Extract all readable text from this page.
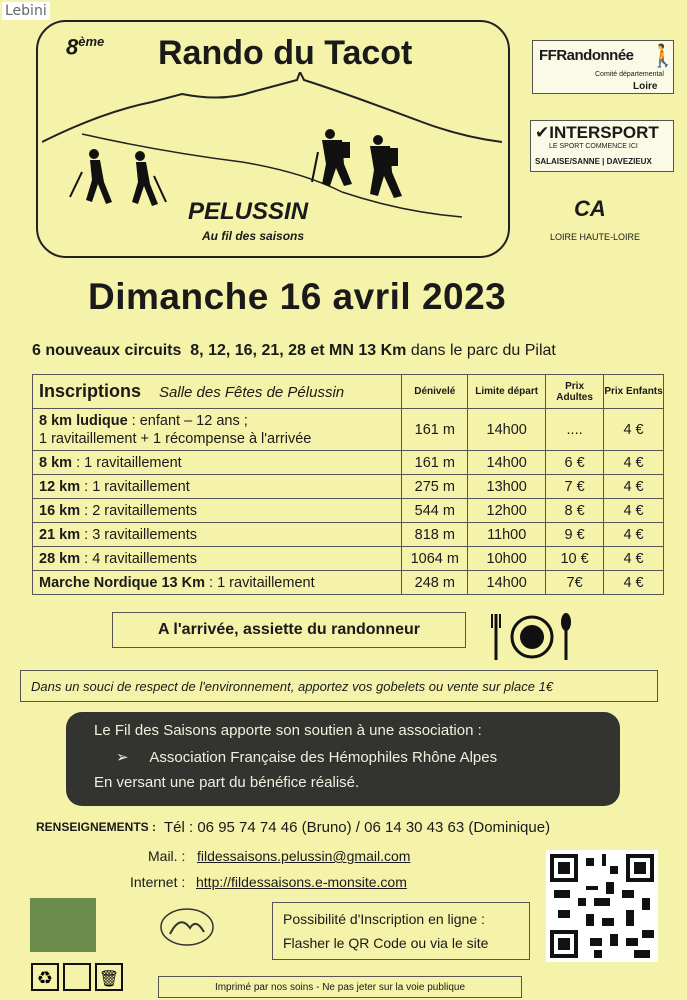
Lebini
8ème Rando du Tacot
PELUSSIN
Au fil des saisons
FFRandonnée 🚶
Comité départemental
Loire
✔INTERSPORT
LE SPORT COMMENCE ICI
SALAISE/SANNE | DAVEZIEUX
CA
LOIRE HAUTE-LOIRE
Dimanche 16 avril 2023
6 nouveaux circuits 8, 12, 16, 21, 28 et MN 13 Km dans le parc du Pilat
Inscriptions Salle des Fêtes de Pélussin	Dénivelé	Limite départ	Prix Adultes	Prix Enfants
8 km ludique : enfant – 12 ans ;
1 ravitaillement + 1 récompense à l'arrivée	161 m	14h00	....	4 €
8 km : 1 ravitaillement	161 m	14h00	6 €	4 €
12 km : 1 ravitaillement	275 m	13h00	7 €	4 €
16 km : 2 ravitaillements	544 m	12h00	8 €	4 €
21 km : 3 ravitaillements	818 m	11h00	9 €	4 €
28 km : 4 ravitaillements	1064 m	10h00	10 €	4 €
Marche Nordique 13 Km : 1 ravitaillement	248 m	14h00	7€	4 €
A l'arrivée, assiette du randonneur
Dans un souci de respect de l'environnement, apportez vos gobelets ou vente sur place 1€
Le Fil des Saisons apporte son soutien à une association :
➢     Association Française des Hémophiles Rhône Alpes
En versant une part du bénéfice réalisé.
RENSEIGNEMENTS : Tél : 06 95 74 74 46 (Bruno) / 06 14 30 43 63 (Dominique)
Mail. : fildessaisons.pelussin@gmail.com
Internet : http://fildessaisons.e-monsite.com
Possibilité d'Inscription en ligne :
Flasher le QR Code ou via le site
♻	🗑	Imprimé par nos soins - Ne pas jeter sur la voie publique
